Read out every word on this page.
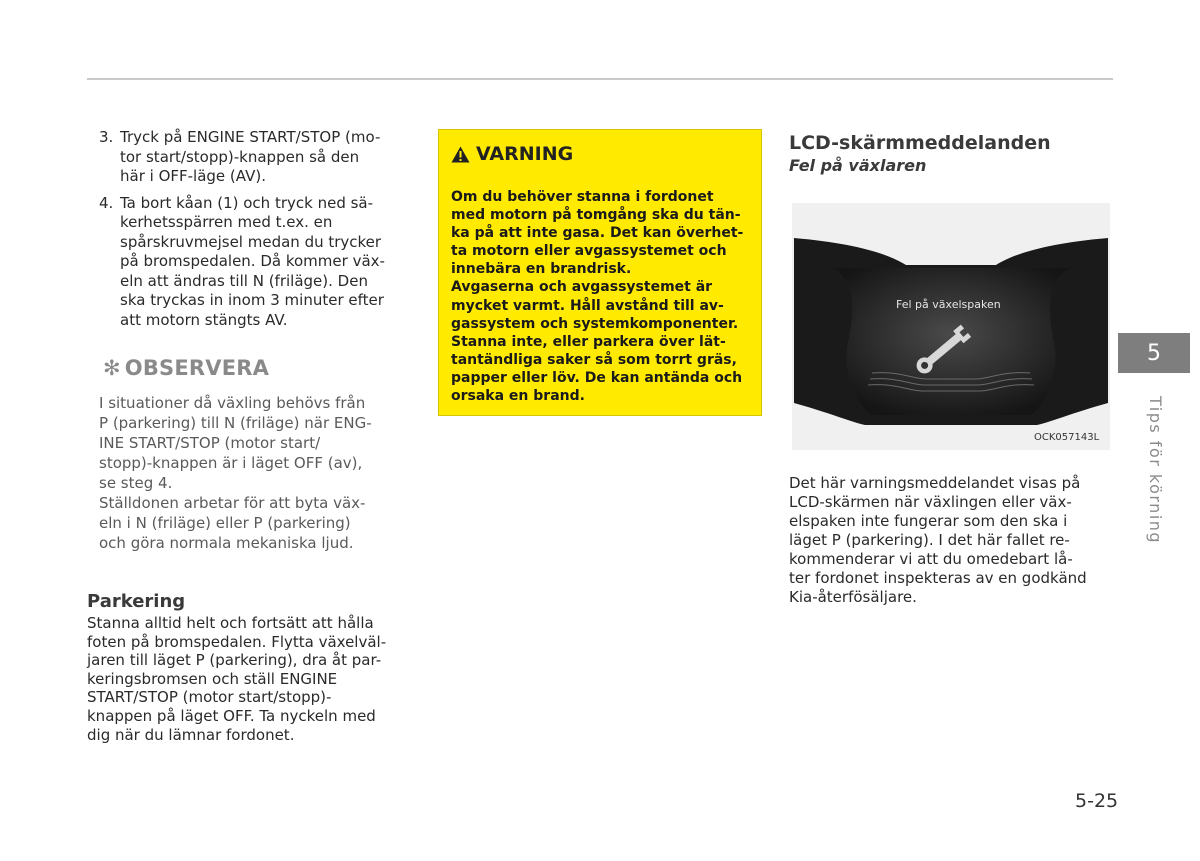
3. Tryck på ENGINE START/STOP (mo-
tor start/stopp)-knappen så den
här i OFF-läge (AV).
4. Ta bort kåan (1) och tryck ned sä-
kerhetsspärren med t.ex. en
spårskruvmejsel medan du trycker
på bromspedalen. Då kommer väx-
eln att ändras till N (friläge). Den
ska tryckas in inom 3 minuter efter
att motorn stängts AV.
✻ OBSERVERA
I situationer då växling behövs från
P (parkering) till N (friläge) när ENG-
INE START/STOP (motor start/
stopp)-knappen är i läget OFF (av),
se steg 4.
Ställdonen arbetar för att byta väx-
eln i N (friläge) eller P (parkering)
och göra normala mekaniska ljud.
Parkering
Stanna alltid helt och fortsätt att hålla
foten på bromspedalen. Flytta växelväl-
jaren till läget P (parkering), dra åt par-
keringsbromsen och ställ ENGINE
START/STOP (motor start/stopp)-
knappen på läget OFF. Ta nyckeln med
dig när du lämnar fordonet.
VARNING
Om du behöver stanna i fordonet
med motorn på tomgång ska du tän-
ka på att inte gasa. Det kan överhet-
ta motorn eller avgassystemet och
innebära en brandrisk.
Avgaserna och avgassystemet är
mycket varmt. Håll avstånd till av-
gassystem och systemkomponenter.
Stanna inte, eller parkera över lät-
tantändliga saker så som torrt gräs,
papper eller löv. De kan antända och
orsaka en brand.
LCD-skärmmeddelanden
Fel på växlaren
Fel på växelspaken
OCK057143L
Det här varningsmeddelandet visas på
LCD-skärmen när växlingen eller väx-
elspaken inte fungerar som den ska i
läget P (parkering). I det här fallet re-
kommenderar vi att du omedebart lå-
ter fordonet inspekteras av en godkänd
Kia-återfösäljare.
5
Tips för körning
5-25
